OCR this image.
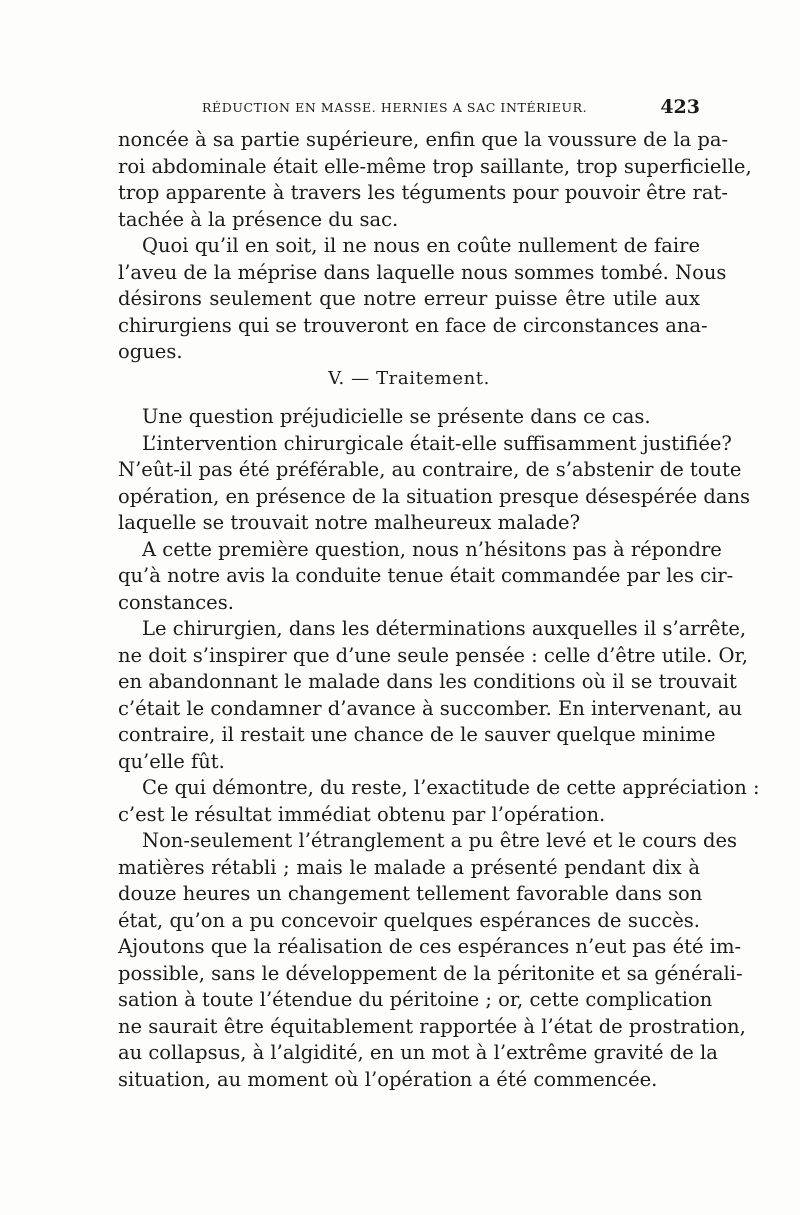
RÉDUCTION EN MASSE. HERNIES A SAC INTÉRIEUR.	423
noncée à sa partie supérieure, enfin que la voussure de la pa-
roi abdominale était elle-même trop saillante, trop superficielle,
trop apparente à travers les téguments pour pouvoir être rat-
tachée à la présence du sac.
Quoi qu’il en soit, il ne nous en coûte nullement de faire
l’aveu de la méprise dans laquelle nous sommes tombé. Nous
désirons seulement que notre erreur puisse être utile aux
chirurgiens qui se trouveront en face de circonstances ana-
ogues.
V. — Traitement.
Une question préjudicielle se présente dans ce cas.
L’intervention chirurgicale était-elle suffisamment justifiée?
N’eût-il pas été préférable, au contraire, de s’abstenir de toute
opération, en présence de la situation presque désespérée dans
laquelle se trouvait notre malheureux malade?
A cette première question, nous n’hésitons pas à répondre
qu’à notre avis la conduite tenue était commandée par les cir-
constances.
Le chirurgien, dans les déterminations auxquelles il s’arrête,
ne doit s’inspirer que d’une seule pensée : celle d’être utile. Or,
en abandonnant le malade dans les conditions où il se trouvait
c’était le condamner d’avance à succomber. En intervenant, au
contraire, il restait une chance de le sauver quelque minime
qu’elle fût.
Ce qui démontre, du reste, l’exactitude de cette appréciation :
c’est le résultat immédiat obtenu par l’opération.
Non-seulement l’étranglement a pu être levé et le cours des
matières rétabli ; mais le malade a présenté pendant dix à
douze heures un changement tellement favorable dans son
état, qu’on a pu concevoir quelques espérances de succès.
Ajoutons que la réalisation de ces espérances n’eut pas été im-
possible, sans le développement de la péritonite et sa générali-
sation à toute l’étendue du péritoine ; or, cette complication
ne saurait être équitablement rapportée à l’état de prostration,
au collapsus, à l’algidité, en un mot à l’extrême gravité de la
situation, au moment où l’opération a été commencée.
